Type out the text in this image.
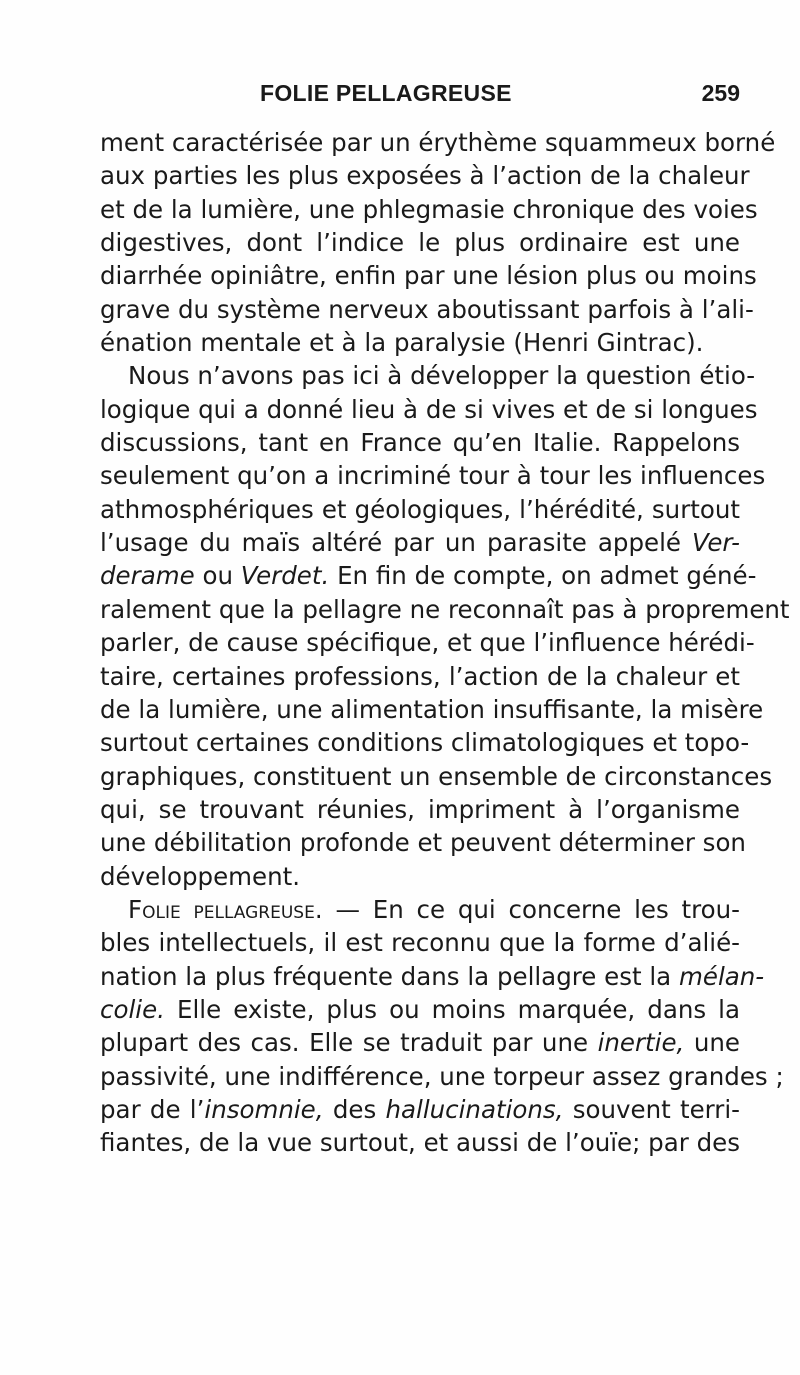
FOLIE PELLAGREUSE	259
ment caractérisée par un érythème squammeux borné
aux parties les plus exposées à l’action de la chaleur
et de la lumière, une phlegmasie chronique des voies
digestives, dont l’indice le plus ordinaire est une
diarrhée opiniâtre, enfin par une lésion plus ou moins
grave du système nerveux aboutissant parfois à l’ali-
énation mentale et à la paralysie (Henri Gintrac).
Nous n’avons pas ici à développer la question étio-
logique qui a donné lieu à de si vives et de si longues
discussions, tant en France qu’en Italie. Rappelons
seulement qu’on a incriminé tour à tour les influences
athmosphériques et géologiques, l’hérédité, surtout
l’usage du maïs altéré par un parasite appelé Ver-
derame ou Verdet. En fin de compte, on admet géné-
ralement que la pellagre ne reconnaît pas à proprement
parler, de cause spécifique, et que l’influence hérédi-
taire, certaines professions, l’action de la chaleur et
de la lumière, une alimentation insuffisante, la misère
surtout certaines conditions climatologiques et topo-
graphiques, constituent un ensemble de circonstances
qui, se trouvant réunies, impriment à l’organisme
une débilitation profonde et peuvent déterminer son
développement.
Folie pellagreuse. — En ce qui concerne les trou-
bles intellectuels, il est reconnu que la forme d’alié-
nation la plus fréquente dans la pellagre est la mélan-
colie. Elle existe, plus ou moins marquée, dans la
plupart des cas. Elle se traduit par une inertie, une
passivité, une indifférence, une torpeur assez grandes ;
par de l’insomnie, des hallucinations, souvent terri-
fiantes, de la vue surtout, et aussi de l’ouïe; par des
